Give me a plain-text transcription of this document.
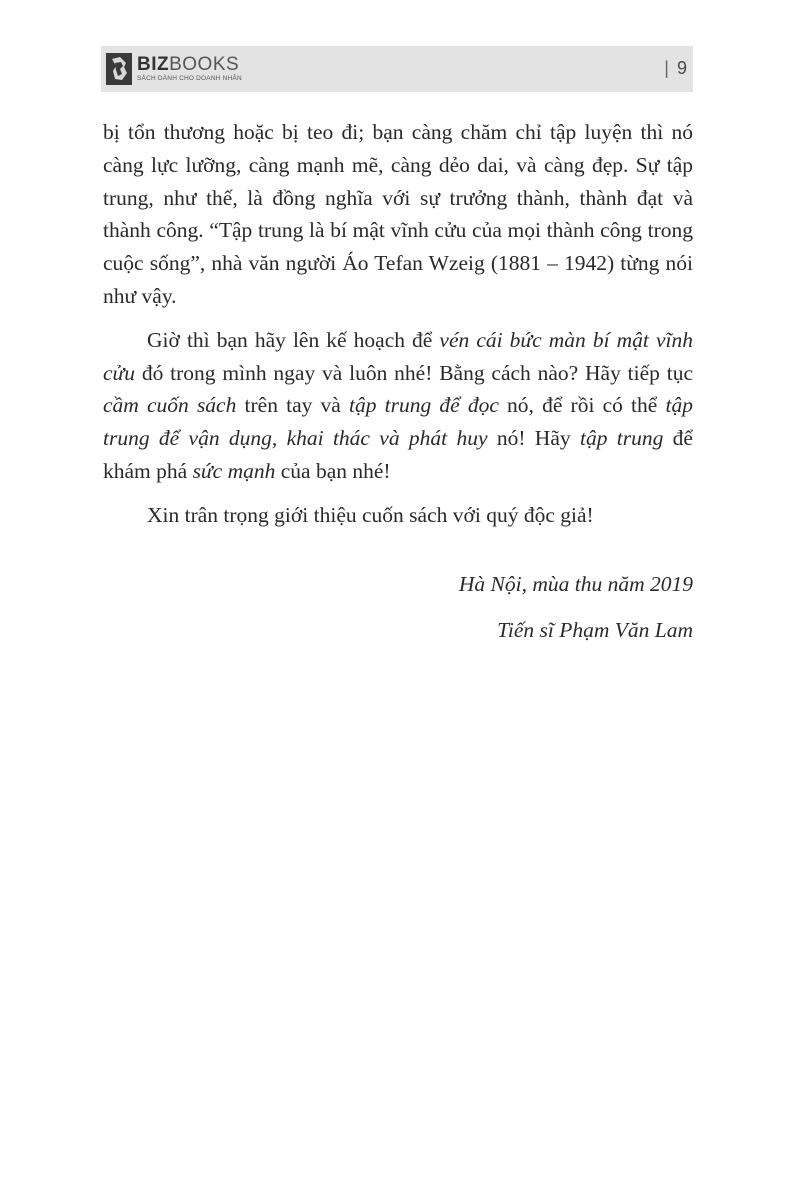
BIZBOOKS
SÁCH DÀNH CHO DOANH NHÂN
| 9

bị tổn thương hoặc bị teo đi; bạn càng chăm chỉ tập luyện thì nó càng lực lưỡng, càng mạnh mẽ, càng dẻo dai, và càng đẹp. Sự tập trung, như thế, là đồng nghĩa với sự trưởng thành, thành đạt và thành công. “Tập trung là bí mật vĩnh cửu của mọi thành công trong cuộc sống”, nhà văn người Áo Tefan Wzeig (1881 – 1942) từng nói như vậy.

Giờ thì bạn hãy lên kế hoạch để vén cái bức màn bí mật vĩnh cửu đó trong mình ngay và luôn nhé! Bằng cách nào? Hãy tiếp tục cầm cuốn sách trên tay và tập trung để đọc nó, để rồi có thể tập trung để vận dụng, khai thác và phát huy nó! Hãy tập trung để khám phá sức mạnh của bạn nhé!

Xin trân trọng giới thiệu cuốn sách với quý độc giả!

Hà Nội, mùa thu năm 2019
Tiến sĩ Phạm Văn Lam
